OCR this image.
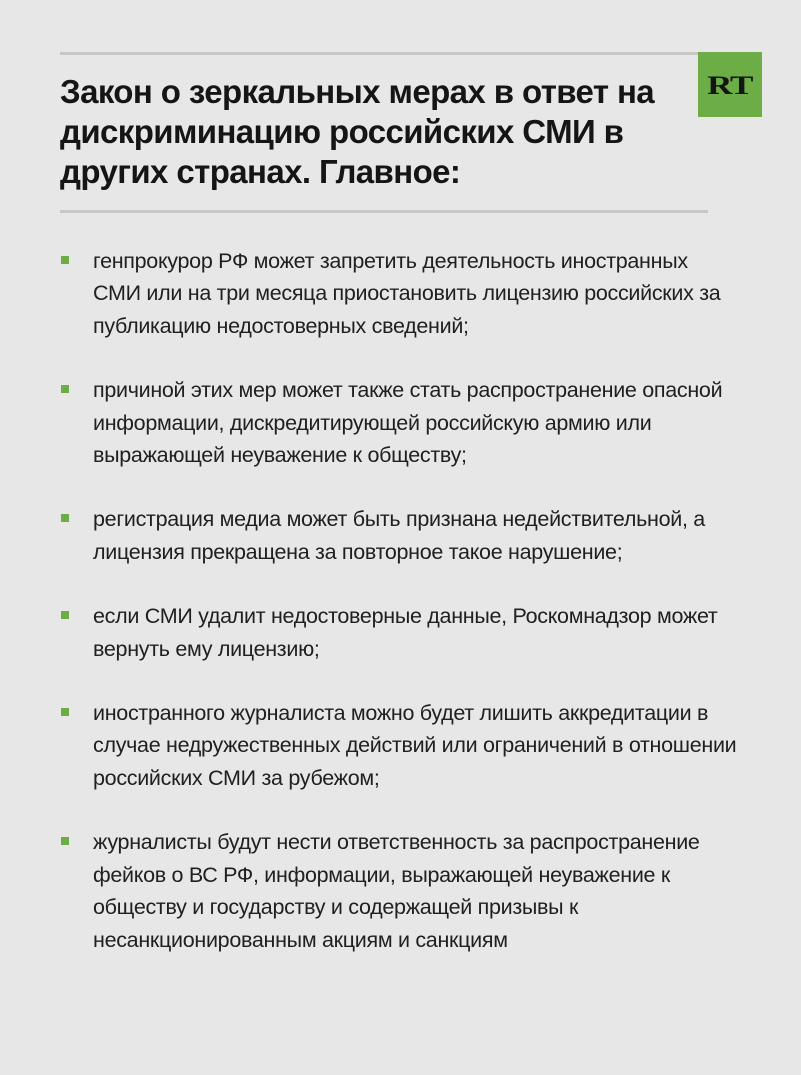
RT
Закон о зеркальных мерах в ответ на дискриминацию российских СМИ в других странах. Главное:
генпрокурор РФ может запретить деятельность иностранных СМИ или на три месяца приостановить лицензию российских за публикацию недостоверных сведений;
причиной этих мер может также стать распространение опасной информации, дискредитирующей российскую армию или выражающей неуважение к обществу;
регистрация медиа может быть признана недействительной, а лицензия прекращена за повторное такое нарушение;
если СМИ удалит недостоверные данные, Роскомнадзор может вернуть ему лицензию;
иностранного журналиста можно будет лишить аккредитации в случае недружественных действий или ограничений в отношении российских СМИ за рубежом;
журналисты будут нести ответственность за распространение фейков о ВС РФ, информации, выражающей неуважение к обществу и государству и содержащей призывы к несанкционированным акциям и санкциям
